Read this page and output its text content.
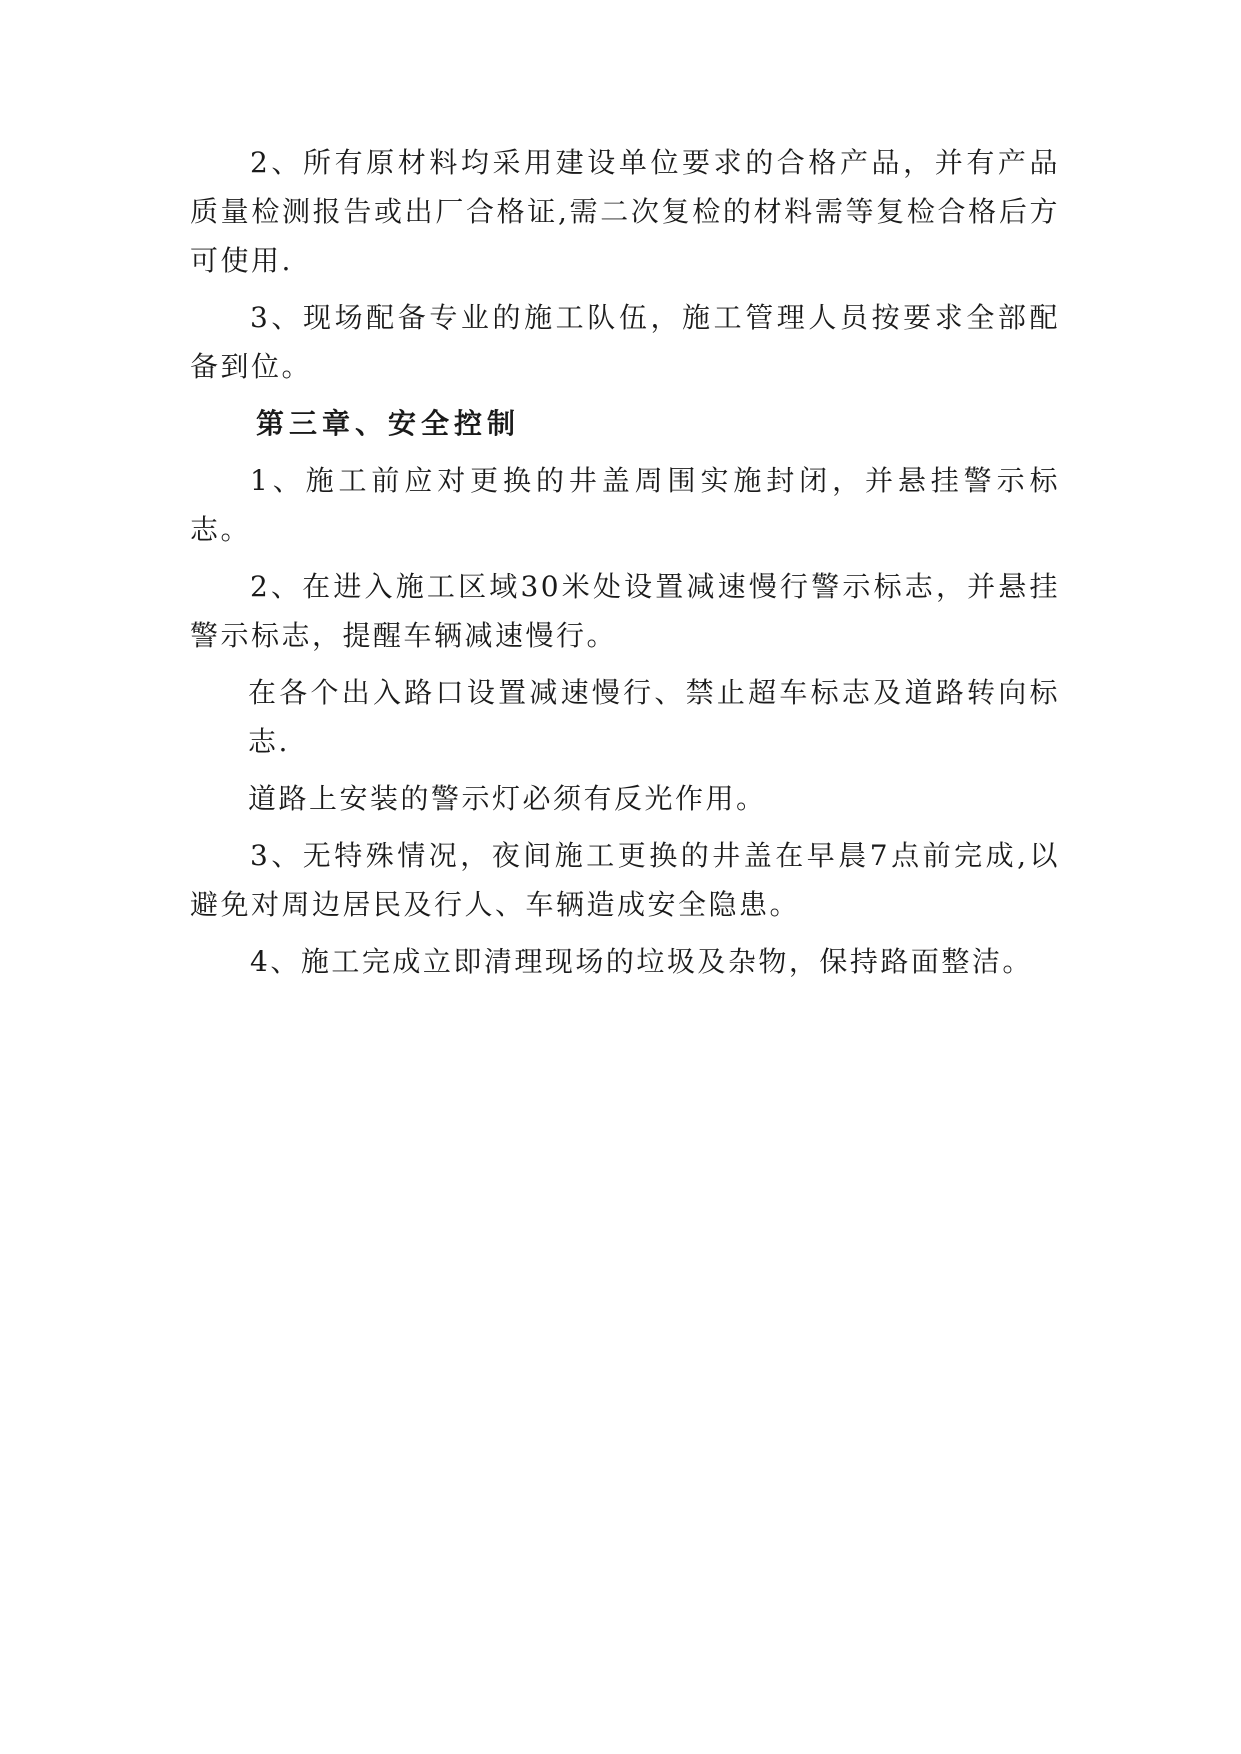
2、所有原材料均采用建设单位要求的合格产品，并有产品质量检测报告或出厂合格证,需二次复检的材料需等复检合格后方可使用.

3、现场配备专业的施工队伍，施工管理人员按要求全部配备到位。

第三章、安全控制

1、施工前应对更换的井盖周围实施封闭，并悬挂警示标志。

2、在进入施工区域30米处设置减速慢行警示标志，并悬挂警示标志，提醒车辆减速慢行。

在各个出入路口设置减速慢行、禁止超车标志及道路转向标志.

道路上安装的警示灯必须有反光作用。

3、无特殊情况，夜间施工更换的井盖在早晨7点前完成,以避免对周边居民及行人、车辆造成安全隐患。

4、施工完成立即清理现场的垃圾及杂物，保持路面整洁。
